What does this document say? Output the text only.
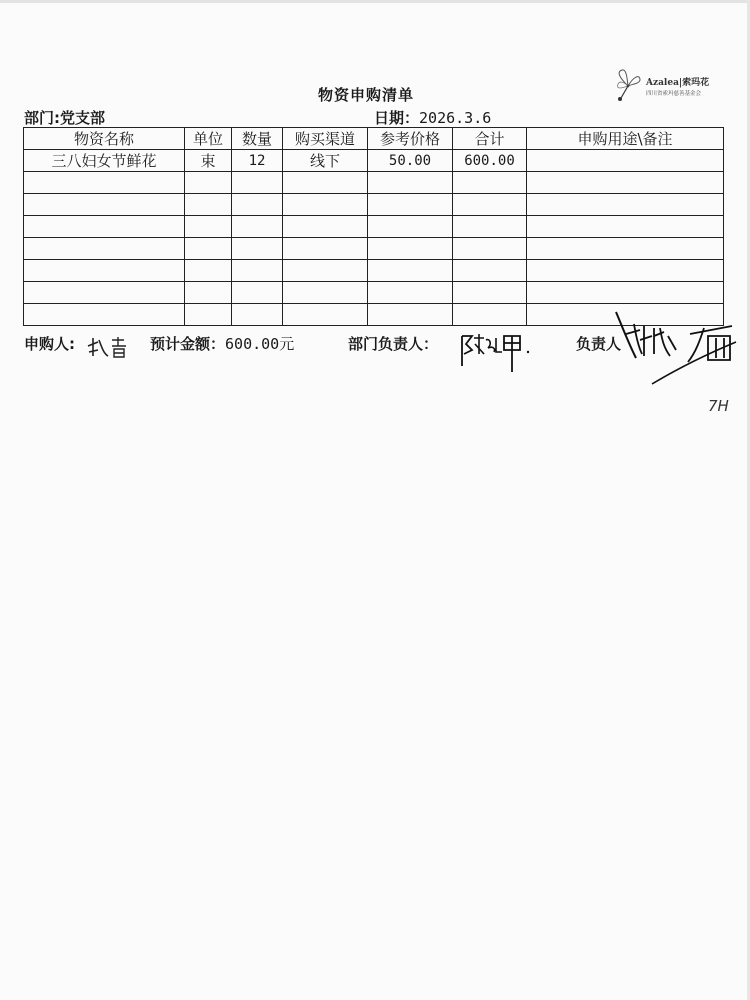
Azalea|索玛花
四川省索玛慈善基金会
物资申购清单
部门:党支部	日期：2026.3.6
物资名称	单位	数量	购买渠道	参考价格	合计	申购用途\备注
三八妇女节鲜花	束	12	线下	50.00	600.00	

申购人:	预计金额：600.00元	部门负责人：	负责人
7H
